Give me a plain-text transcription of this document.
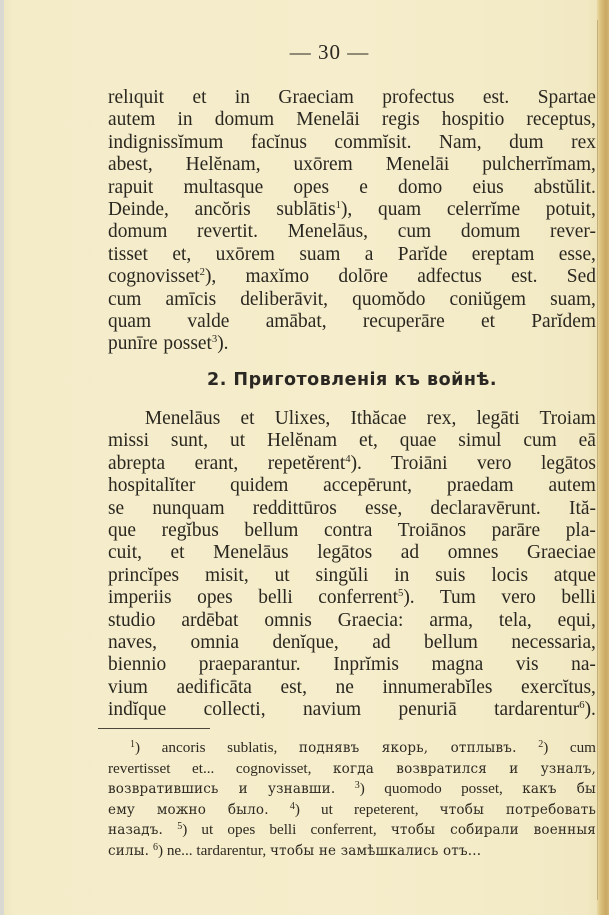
— 30 —
relıquit et in Graeciam profectus est. Spartae
autem in domum Menelāi regis hospitio receptus,
indignissĭmum facĭnus commĭsit. Nam, dum rex
abest, Helĕnam, uxōrem Menelāi pulcherrĭmam,
rapuit multasque opes e domo eius abstŭlit.
Deinde, ancŏris sublātis$^1$), quam celerrĭme potuit,
domum revertit. Menelāus, cum domum rever-
tisset et, uxōrem suam a Parĭde ereptam esse,
cognovisset$^2$), maxĭmo dolōre adfectus est. Sed
cum amīcis deliberāvit, quomŏdo coniŭgem suam,
quam valde amābat, recuperāre et Parĭdem
punīre posset$^3$).
2. Приготовленія къ войнѣ.
Menelāus et Ulixes, Ithăcae rex, legāti Troiam
missi sunt, ut Helĕnam et, quae simul cum eā
abrepta erant, repetĕrent$^4$). Troiāni vero legātos
hospitalĭter quidem accepērunt, praedam autem
se nunquam reddittūros esse, declaravērunt. Ită-
que regĭbus bellum contra Troiānos parāre pla-
cuit, et Menelāus legātos ad omnes Graeciae
princĭpes misit, ut singŭli in suis locis atque
imperiis opes belli conferrent$^5$). Tum vero belli
studio ardēbat omnis Graecia: arma, tela, equi,
naves, omnia denĭque, ad bellum necessaria,
biennio praeparantur. Inprĭmis magna vis na-
vium aedificāta est, ne innumerabĭles exercĭtus,
indĭque collecti, navium penuriā tardarentur$^6$).
$^1$) ancoris sublatis, поднявъ якорь, отплывъ. $^2$) cum
revertisset et... cognovisset, когда возвратился и узналъ,
возвратившись и узнавши. $^3$) quomodo posset, какъ бы
ему можно было. $^4$) ut repeterent, чтобы потребовать
назадъ. $^5$) ut opes belli conferrent, чтобы собирали военныя
силы. $^6$) ne... tardarentur, чтобы не замѣшкались отъ...
